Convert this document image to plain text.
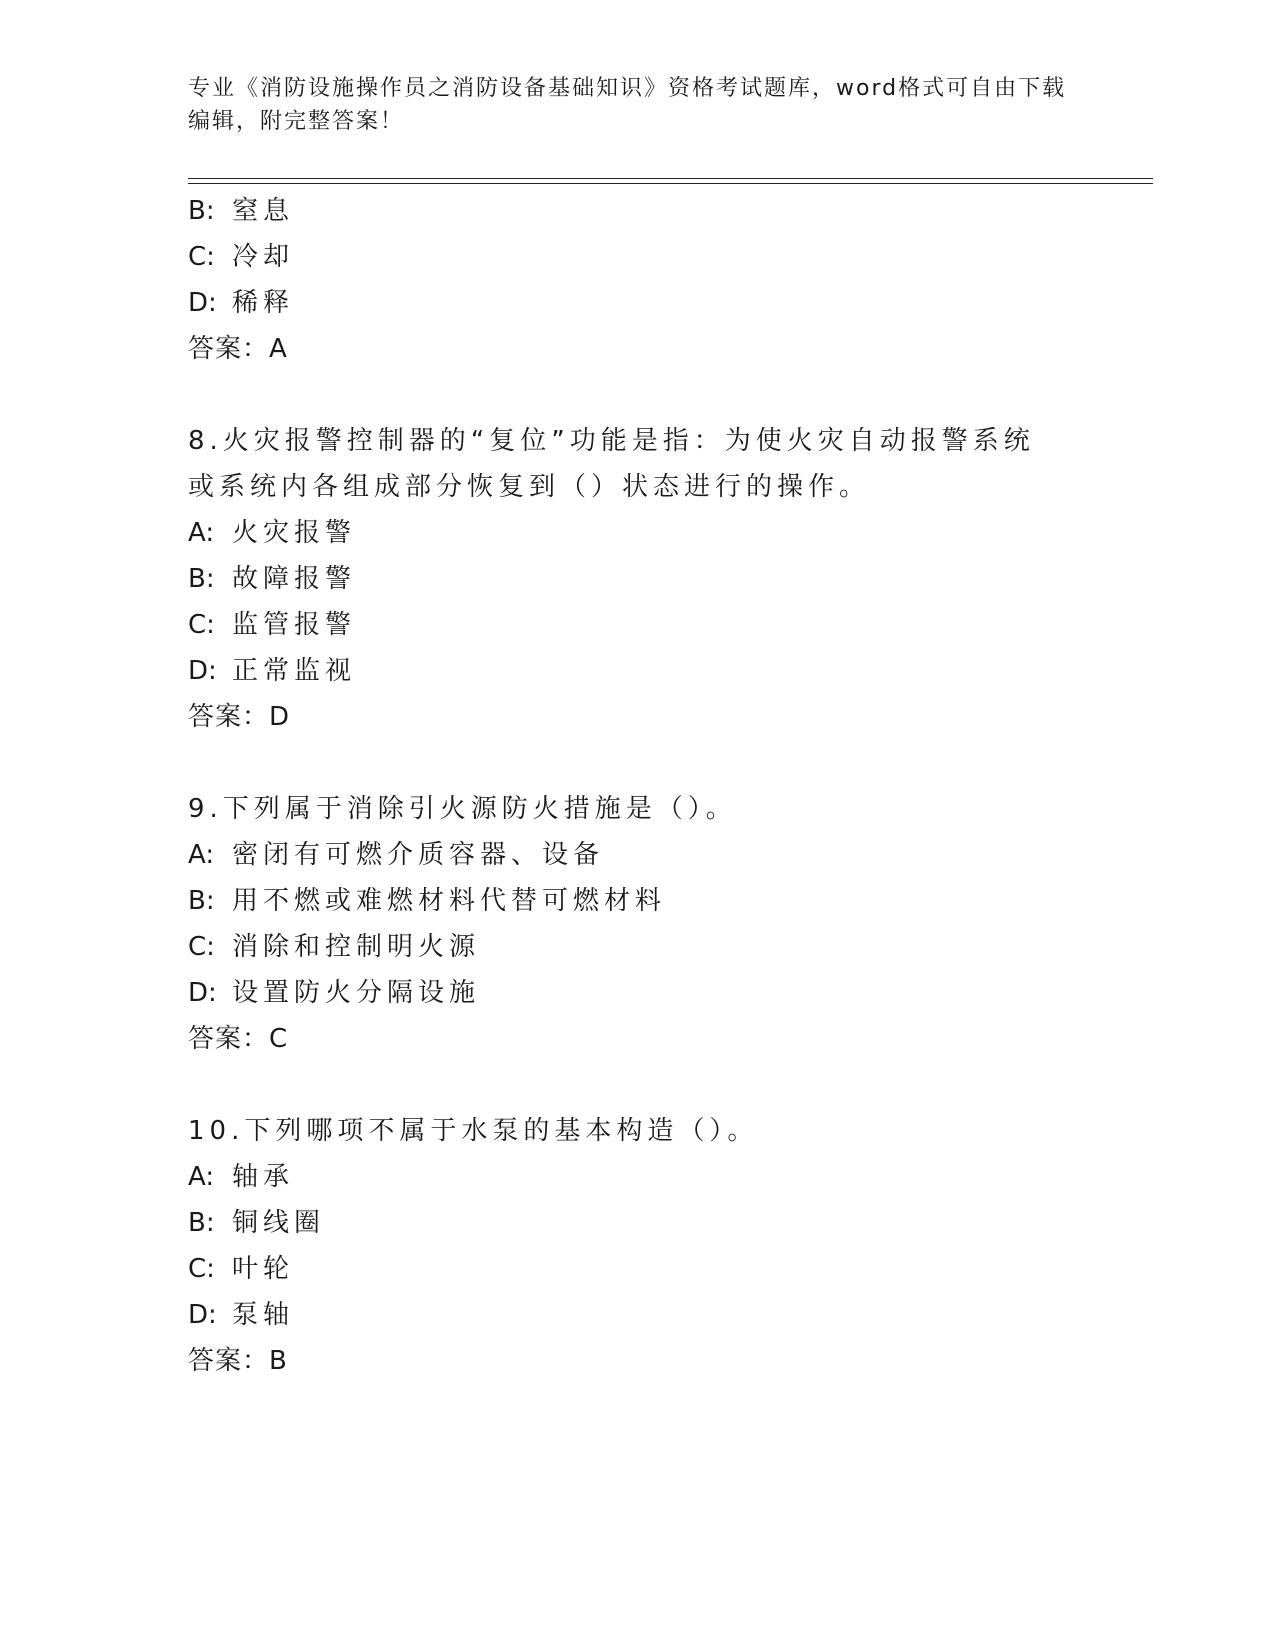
专业《消防设施操作员之消防设备基础知识》资格考试题库，word格式可自由下载编辑，附完整答案！
B: 窒息
C: 冷却
D: 稀释
答案：A
8.火灾报警控制器的“复位”功能是指：为使火灾自动报警系统或系统内各组成部分恢复到（）状态进行的操作。
A: 火灾报警
B: 故障报警
C: 监管报警
D: 正常监视
答案：D
9.下列属于消除引火源防火措施是（）。
A: 密闭有可燃介质容器、设备
B: 用不燃或难燃材料代替可燃材料
C: 消除和控制明火源
D: 设置防火分隔设施
答案：C
10.下列哪项不属于水泵的基本构造（）。
A: 轴承
B: 铜线圈
C: 叶轮
D: 泵轴
答案：B
